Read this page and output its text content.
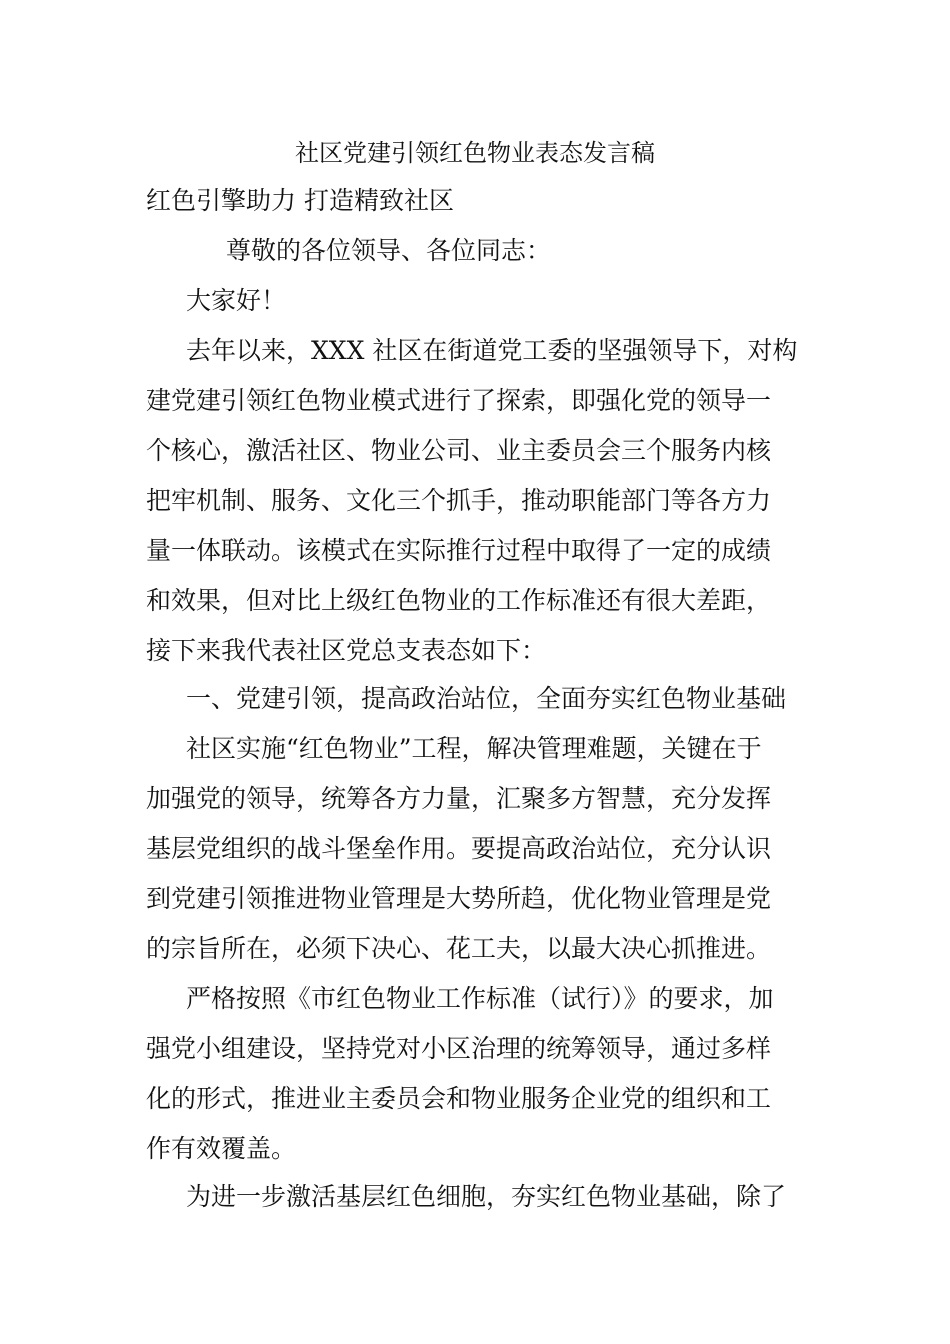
社区党建引领红色物业表态发言稿
红色引擎助力 打造精致社区
尊敬的各位领导、各位同志：
大家好！
去年以来，XXX 社区在街道党工委的坚强领导下，对构
建党建引领红色物业模式进行了探索，即强化党的领导一
个核心，激活社区、物业公司、业主委员会三个服务内核
把牢机制、服务、文化三个抓手，推动职能部门等各方力
量一体联动。该模式在实际推行过程中取得了一定的成绩
和效果，但对比上级红色物业的工作标准还有很大差距，
接下来我代表社区党总支表态如下：
一、党建引领，提高政治站位，全面夯实红色物业基础
社区实施“红色物业”工程，解决管理难题，关键在于
加强党的领导，统筹各方力量，汇聚多方智慧，充分发挥
基层党组织的战斗堡垒作用。要提高政治站位，充分认识
到党建引领推进物业管理是大势所趋，优化物业管理是党
的宗旨所在，必须下决心、花工夫，以最大决心抓推进。
严格按照《市红色物业工作标准（试行）》的要求，加
强党小组建设，坚持党对小区治理的统筹领导，通过多样
化的形式，推进业主委员会和物业服务企业党的组织和工
作有效覆盖。
为进一步激活基层红色细胞，夯实红色物业基础，除了
